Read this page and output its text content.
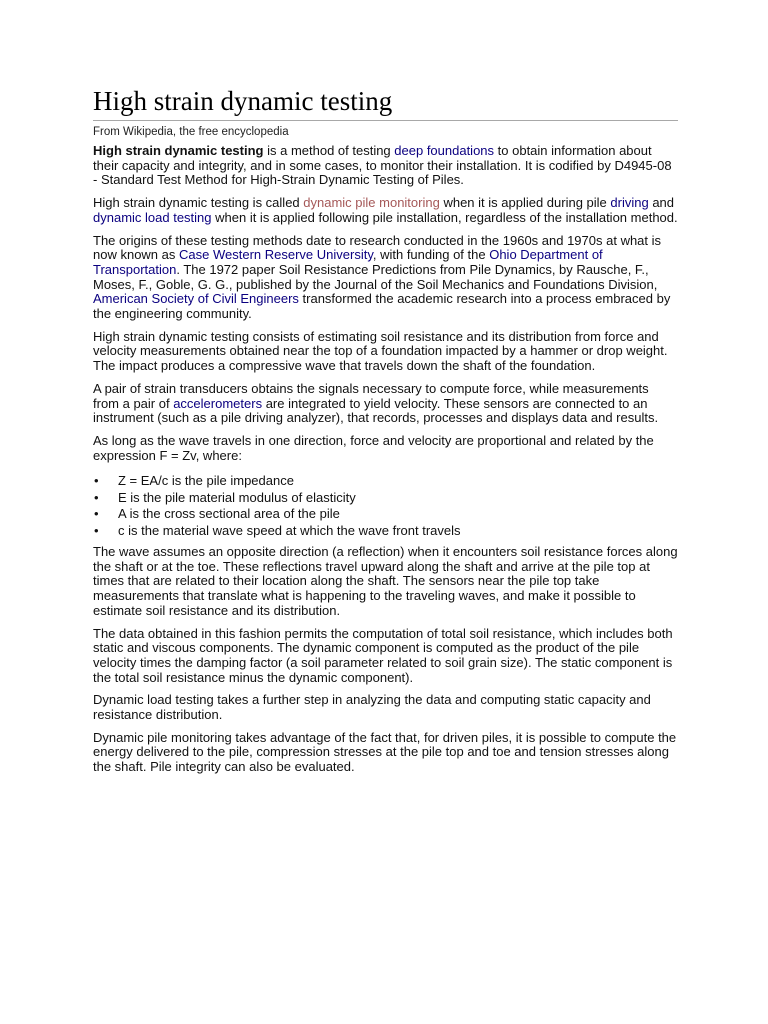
High strain dynamic testing
From Wikipedia, the free encyclopedia

High strain dynamic testing is a method of testing deep foundations to obtain information about their capacity and integrity, and in some cases, to monitor their installation. It is codified by D4945-08 - Standard Test Method for High-Strain Dynamic Testing of Piles.

High strain dynamic testing is called dynamic pile monitoring when it is applied during pile driving and dynamic load testing when it is applied following pile installation, regardless of the installation method.

The origins of these testing methods date to research conducted in the 1960s and 1970s at what is now known as Case Western Reserve University, with funding of the Ohio Department of Transportation. The 1972 paper Soil Resistance Predictions from Pile Dynamics, by Rausche, F., Moses, F., Goble, G. G., published by the Journal of the Soil Mechanics and Foundations Division, American Society of Civil Engineers transformed the academic research into a process embraced by the engineering community.

High strain dynamic testing consists of estimating soil resistance and its distribution from force and velocity measurements obtained near the top of a foundation impacted by a hammer or drop weight. The impact produces a compressive wave that travels down the shaft of the foundation.

A pair of strain transducers obtains the signals necessary to compute force, while measurements from a pair of accelerometers are integrated to yield velocity. These sensors are connected to an instrument (such as a pile driving analyzer), that records, processes and displays data and results.

As long as the wave travels in one direction, force and velocity are proportional and related by the expression F = Zv, where:

• Z = EA/c is the pile impedance
• E is the pile material modulus of elasticity
• A is the cross sectional area of the pile
• c is the material wave speed at which the wave front travels

The wave assumes an opposite direction (a reflection) when it encounters soil resistance forces along the shaft or at the toe. These reflections travel upward along the shaft and arrive at the pile top at times that are related to their location along the shaft. The sensors near the pile top take measurements that translate what is happening to the traveling waves, and make it possible to estimate soil resistance and its distribution.

The data obtained in this fashion permits the computation of total soil resistance, which includes both static and viscous components. The dynamic component is computed as the product of the pile velocity times the damping factor (a soil parameter related to soil grain size). The static component is the total soil resistance minus the dynamic component).

Dynamic load testing takes a further step in analyzing the data and computing static capacity and resistance distribution.

Dynamic pile monitoring takes advantage of the fact that, for driven piles, it is possible to compute the energy delivered to the pile, compression stresses at the pile top and toe and tension stresses along the shaft. Pile integrity can also be evaluated.
